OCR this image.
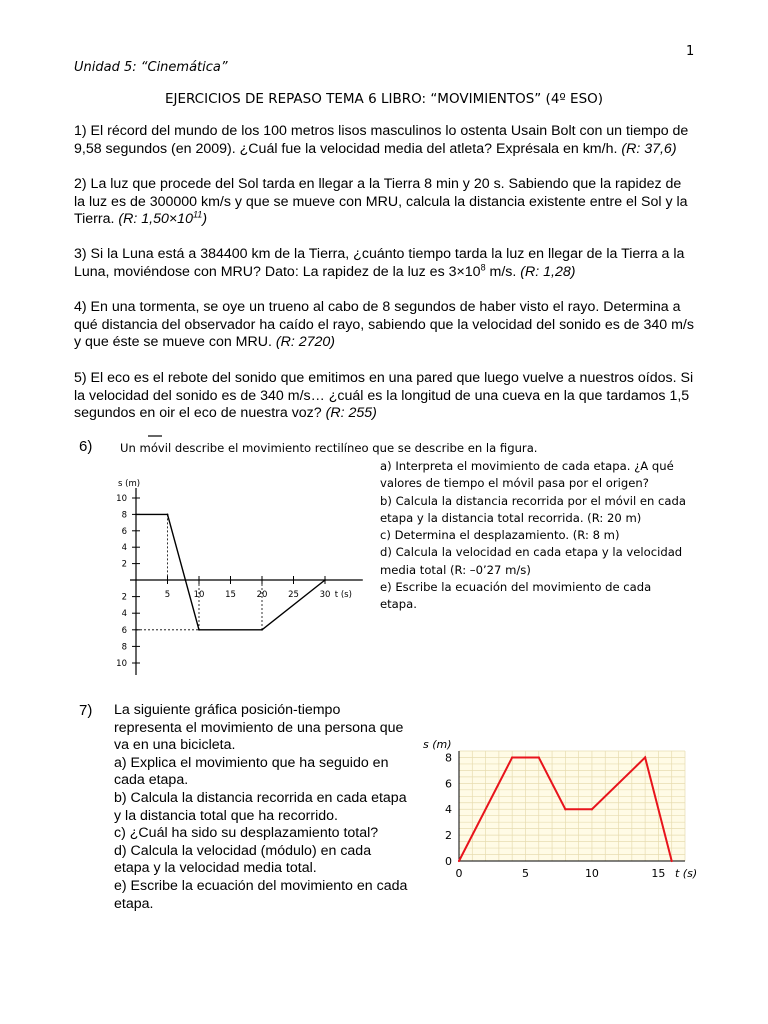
1
Unidad 5: “Cinemática”
EJERCICIOS DE REPASO TEMA 6 LIBRO: “MOVIMIENTOS” (4º ESO)
1) El récord del mundo de los 100 metros lisos masculinos lo ostenta Usain Bolt con un tiempo de 9,58 segundos (en 2009). ¿Cuál fue la velocidad media del atleta? Exprésala en km/h. (R: 37,6)
2) La luz que procede del Sol tarda en llegar a la Tierra 8 min y 20 s. Sabiendo que la rapidez de la luz es de 300000 km/s y que se mueve con MRU, calcula la distancia existente entre el Sol y la Tierra. (R: $1,50\times 10^{11}$)
3) Si la Luna está a 384400 km de la Tierra, ¿cuánto tiempo tarda la luz en llegar de la Tierra a la Luna, moviéndose con MRU? Dato: La rapidez de la luz es $3\times 10^8$ m/s. (R: 1,28)
4) En una tormenta, se oye un trueno al cabo de 8 segundos de haber visto el rayo. Determina a qué distancia del observador ha caído el rayo, sabiendo que la velocidad del sonido es de 340 m/s y que éste se mueve con MRU. (R: 2720)
5) El eco es el rebote del sonido que emitimos en una pared que luego vuelve a nuestros oídos. Si la velocidad del sonido es de 340 m/s… ¿cuál es la longitud de una cueva en la que tardamos 1,5 segundos en oir el eco de nuestra voz? (R: 255)
6) Un móvil describe el movimiento rectilíneo que se describe en la figura.
a) Interpreta el movimiento de cada etapa. ¿A qué
valores de tiempo el móvil pasa por el origen?
b) Calcula la distancia recorrida por el móvil en cada
etapa y la distancia total recorrida. (R: 20 m)
c) Determina el desplazamiento. (R: 8 m)
d) Calcula la velocidad en cada etapa y la velocidad
media total (R: –0’27 m/s)
e) Escribe la ecuación del movimiento de cada
etapa.
5	10 15 20 25 30
10
8
6
4
2
2
4
6
8
10
s (m)
t (s)
7) La siguiente gráfica posición-tiempo
representa el movimiento de una persona que
va en una bicicleta.
a) Explica el movimiento que ha seguido en
cada etapa.
b) Calcula la distancia recorrida en cada etapa
y la distancia total que ha recorrido.
c) ¿Cuál ha sido su desplazamiento total?
d) Calcula la velocidad (módulo) en cada
etapa y la velocidad media total.
e) Escribe la ecuación del movimiento en cada
etapa.
0	5	10	15
0
2
4
6
8
s (m)
t (s)
